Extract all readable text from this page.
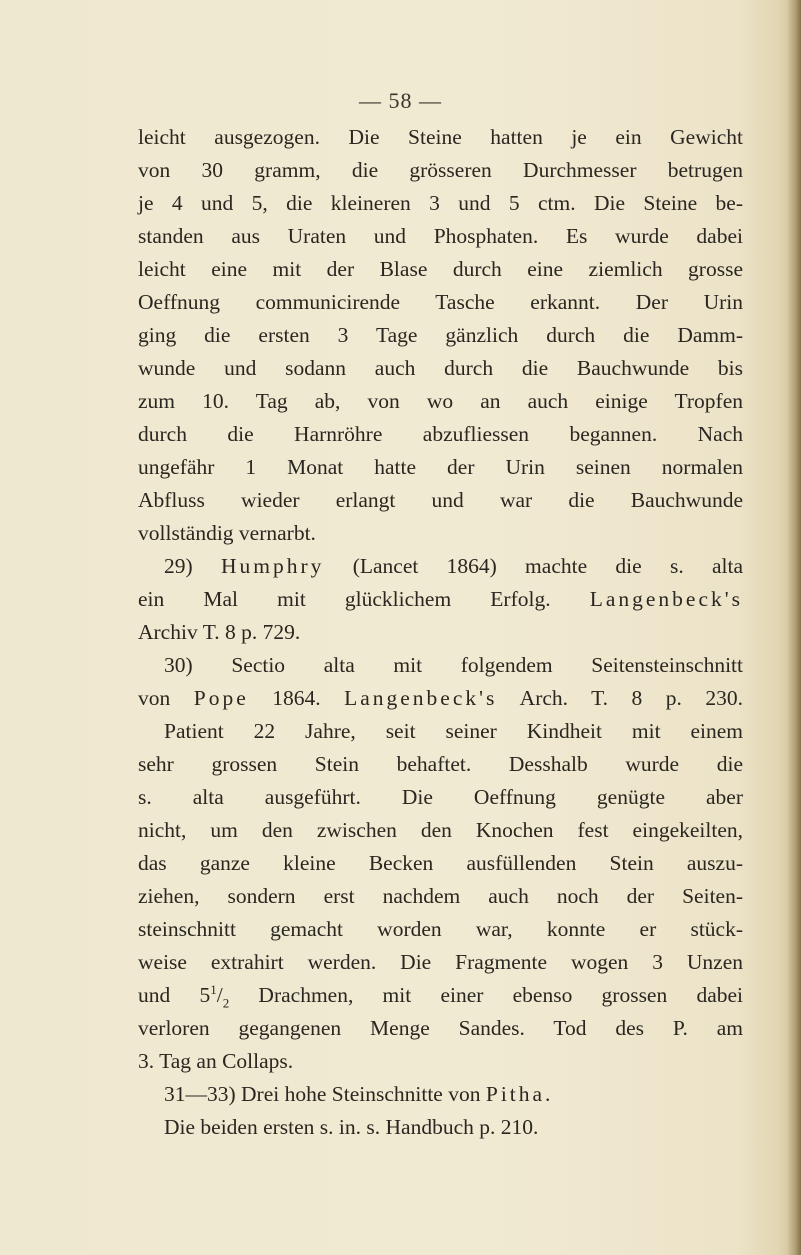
— 58 —
leicht ausgezogen. Die Steine hatten je ein Gewicht
von 30 gramm, die grösseren Durchmesser betrugen
je 4 und 5, die kleineren 3 und 5 ctm. Die Steine be-
standen aus Uraten und Phosphaten. Es wurde dabei
leicht eine mit der Blase durch eine ziemlich grosse
Oeffnung communicirende Tasche erkannt. Der Urin
ging die ersten 3 Tage gänzlich durch die Damm-
wunde und sodann auch durch die Bauchwunde bis
zum 10. Tag ab, von wo an auch einige Tropfen
durch die Harnröhre abzufliessen begannen. Nach
ungefähr 1 Monat hatte der Urin seinen normalen
Abfluss wieder erlangt und war die Bauchwunde
vollständig vernarbt.
29) Humphry (Lancet 1864) machte die s. alta
ein Mal mit glücklichem Erfolg. Langenbeck's
Archiv T. 8 p. 729.
30) Sectio alta mit folgendem Seitensteinschnitt
von Pope 1864. Langenbeck's Arch. T. 8 p. 230.
Patient 22 Jahre, seit seiner Kindheit mit einem
sehr grossen Stein behaftet. Desshalb wurde die
s. alta ausgeführt. Die Oeffnung genügte aber
nicht, um den zwischen den Knochen fest eingekeilten,
das ganze kleine Becken ausfüllenden Stein auszu-
ziehen, sondern erst nachdem auch noch der Seiten-
steinschnitt gemacht worden war, konnte er stück-
weise extrahirt werden. Die Fragmente wogen 3 Unzen
und $5^1/_2$ Drachmen, mit einer ebenso grossen dabei
verloren gegangenen Menge Sandes. Tod des P. am
3. Tag an Collaps.
31—33) Drei hohe Steinschnitte von Pitha.
Die beiden ersten s. in. s. Handbuch p. 210.
